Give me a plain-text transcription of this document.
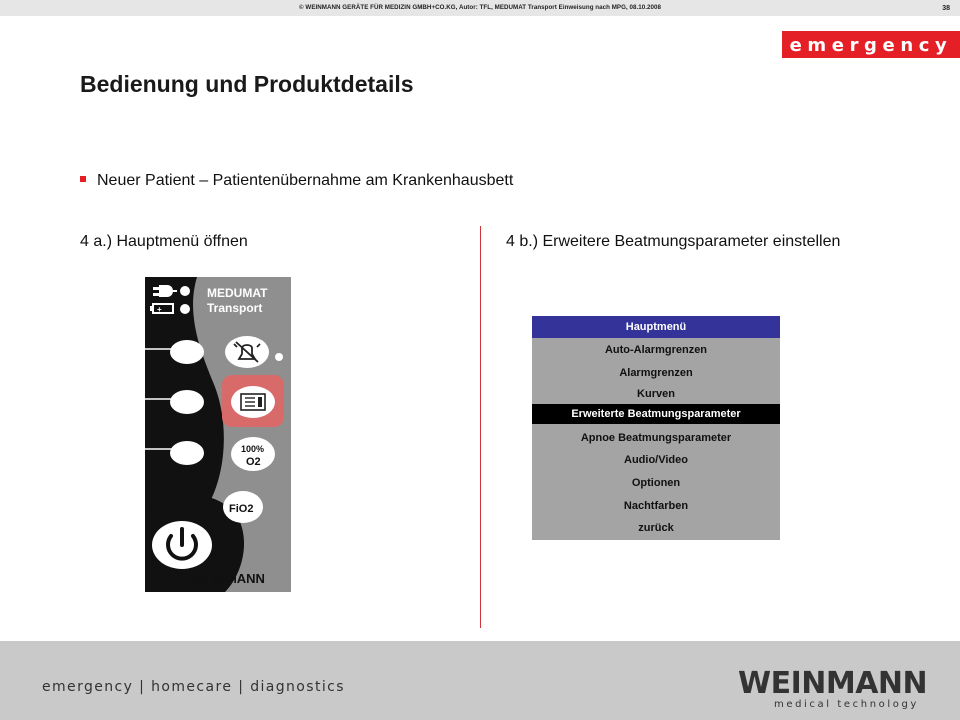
© WEINMANN GERÄTE FÜR MEDIZIN GMBH+CO.KG, Autor: TFL, MEDUMAT Transport Einweisung nach MPG, 08.10.2008	38
emergency
Bedienung und Produktdetails
Neuer Patient – Patientenübernahme am Krankenhausbett
4 a.) Hauptmenü öffnen	4 b.) Erweitere Beatmungsparameter einstellen
+
MEDUMAT
Transport
100%
O2
FiO2
WEINMANN
Hauptmenü
Auto-Alarmgrenzen
Alarmgrenzen
Kurven
Erweiterte Beatmungsparameter
Apnoe Beatmungsparameter
Audio/Video
Optionen
Nachtfarben
zurück
emergency | homecare | diagnostics	WEINMANN
medical technology
